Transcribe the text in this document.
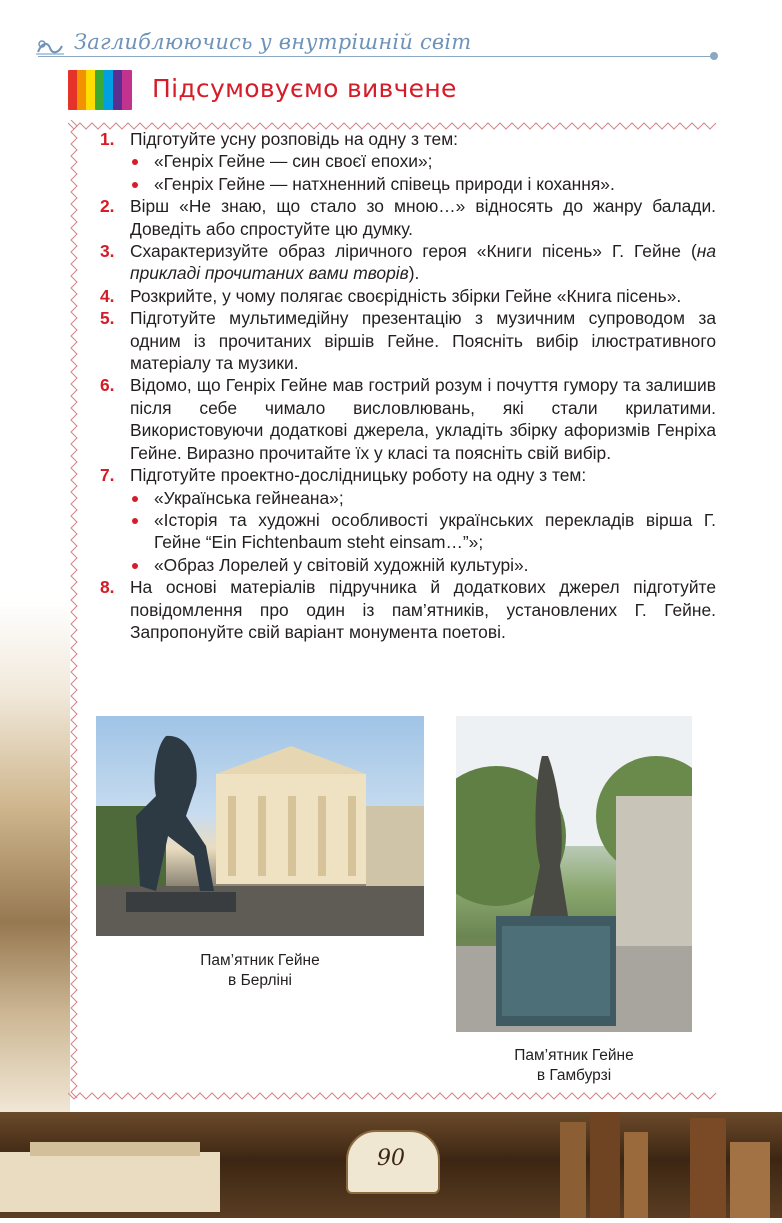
Заглиблюючись у внутрішній світ
Підсумовуємо вивчене
1. Підготуйте усну розповідь на одну з тем:
«Генріх Гейне — син своєї епохи»;
«Генріх Гейне — натхненний співець природи і кохання».
2. Вірш «Не знаю, що стало зо мною…» відносять до жанру балади. Доведіть або спростуйте цю думку.
3. Схарактеризуйте образ ліричного героя «Книги пісень» Г. Гейне (на прикладі прочитаних вами творів).
4. Розкрийте, у чому полягає своєрідність збірки Гейне «Книга пісень».
5. Підготуйте мультимедійну презентацію з музичним супроводом за одним із прочитаних віршів Гейне. Поясніть вибір ілюстративного матеріалу та музики.
6. Відомо, що Генріх Гейне мав гострий розум і почуття гумору та залишив після себе чимало висловлювань, які стали крилатими. Використовуючи додаткові джерела, укладіть збірку афоризмів Генріха Гейне. Виразно прочитайте їх у класі та поясніть свій вибір.
7. Підготуйте проектно-дослідницьку роботу на одну з тем:
«Українська гейнеана»;
«Історія та художні особливості українських перекладів вірша Г. Гейне “Ein Fichtenbaum steht einsam…”»;
«Образ Лорелей у світовій художній культурі».
8. На основі матеріалів підручника й додаткових джерел підготуйте повідомлення про один із пам’ятників, установлених Г. Гейне. Запропонуйте свій варіант монумента поетові.
Пам’ятник Гейне
в Берліні
Пам’ятник Гейне
в Гамбурзі
90
